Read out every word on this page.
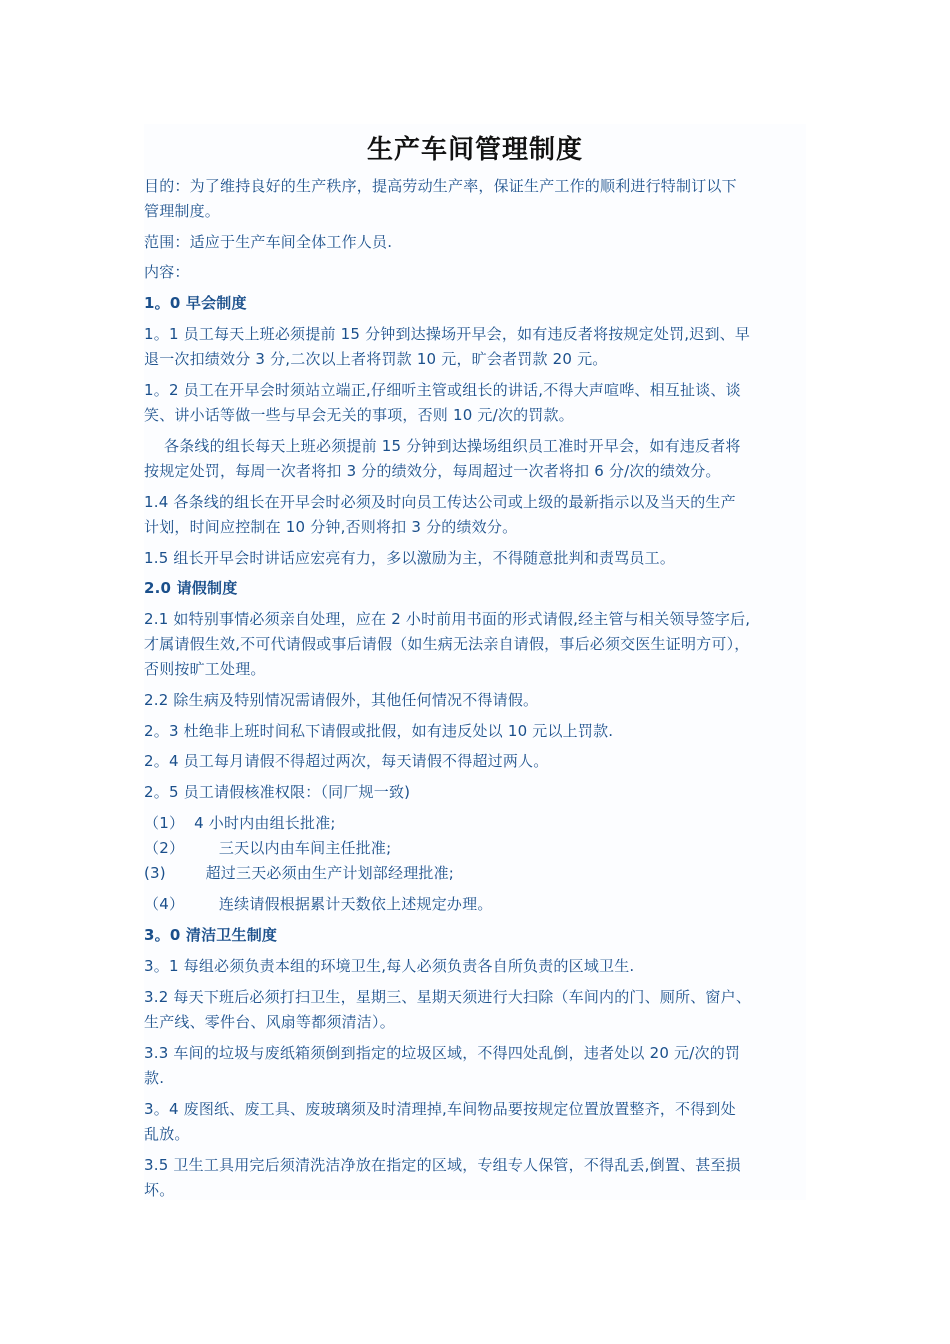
生产车间管理制度
目的：为了维持良好的生产秩序，提高劳动生产率，保证生产工作的顺利进行特制订以下
管理制度。
范围：适应于生产车间全体工作人员.
内容：
1。0 早会制度
1。1 员工每天上班必须提前 15 分钟到达操场开早会，如有违反者将按规定处罚,迟到、早
退一次扣绩效分 3 分,二次以上者将罚款 10 元，旷会者罚款 20 元。
1。2 员工在开早会时须站立端正,仔细听主管或组长的讲话,不得大声喧哗、相互扯谈、谈
笑、讲小话等做一些与早会无关的事项，否则 10 元/次的罚款。
各条线的组长每天上班必须提前 15 分钟到达操场组织员工准时开早会，如有违反者将
按规定处罚，每周一次者将扣 3 分的绩效分，每周超过一次者将扣 6 分/次的绩效分。
1.4 各条线的组长在开早会时必须及时向员工传达公司或上级的最新指示以及当天的生产
计划，时间应控制在 10 分钟,否则将扣 3 分的绩效分。
1.5 组长开早会时讲话应宏亮有力，多以激励为主，不得随意批判和责骂员工。
2.0 请假制度
2.1 如特别事情必须亲自处理，应在 2 小时前用书面的形式请假,经主管与相关领导签字后,
才属请假生效,不可代请假或事后请假（如生病无法亲自请假，事后必须交医生证明方可），
否则按旷工处理。
2.2 除生病及特别情况需请假外，其他任何情况不得请假。
2。3 杜绝非上班时间私下请假或批假，如有违反处以 10 元以上罚款.
2。4 员工每月请假不得超过两次，每天请假不得超过两人。
2。5 员工请假核准权限：（同厂规一致)
（1）  4 小时内由组长批准;
（2）       三天以内由车间主任批准;
(3)        超过三天必须由生产计划部经理批准;
（4）       连续请假根据累计天数依上述规定办理。
3。0 清洁卫生制度
3。1 每组必须负责本组的环境卫生,每人必须负责各自所负责的区域卫生.
3.2 每天下班后必须打扫卫生，星期三、星期天须进行大扫除（车间内的门、厕所、窗户、
生产线、零件台、风扇等都须清洁）。
3.3 车间的垃圾与废纸箱须倒到指定的垃圾区域，不得四处乱倒，违者处以 20 元/次的罚
款.
3。4 废图纸、废工具、废玻璃须及时清理掉,车间物品要按规定位置放置整齐，不得到处
乱放。
3.5 卫生工具用完后须清洗洁净放在指定的区域，专组专人保管，不得乱丢,倒置、甚至损
坏。
